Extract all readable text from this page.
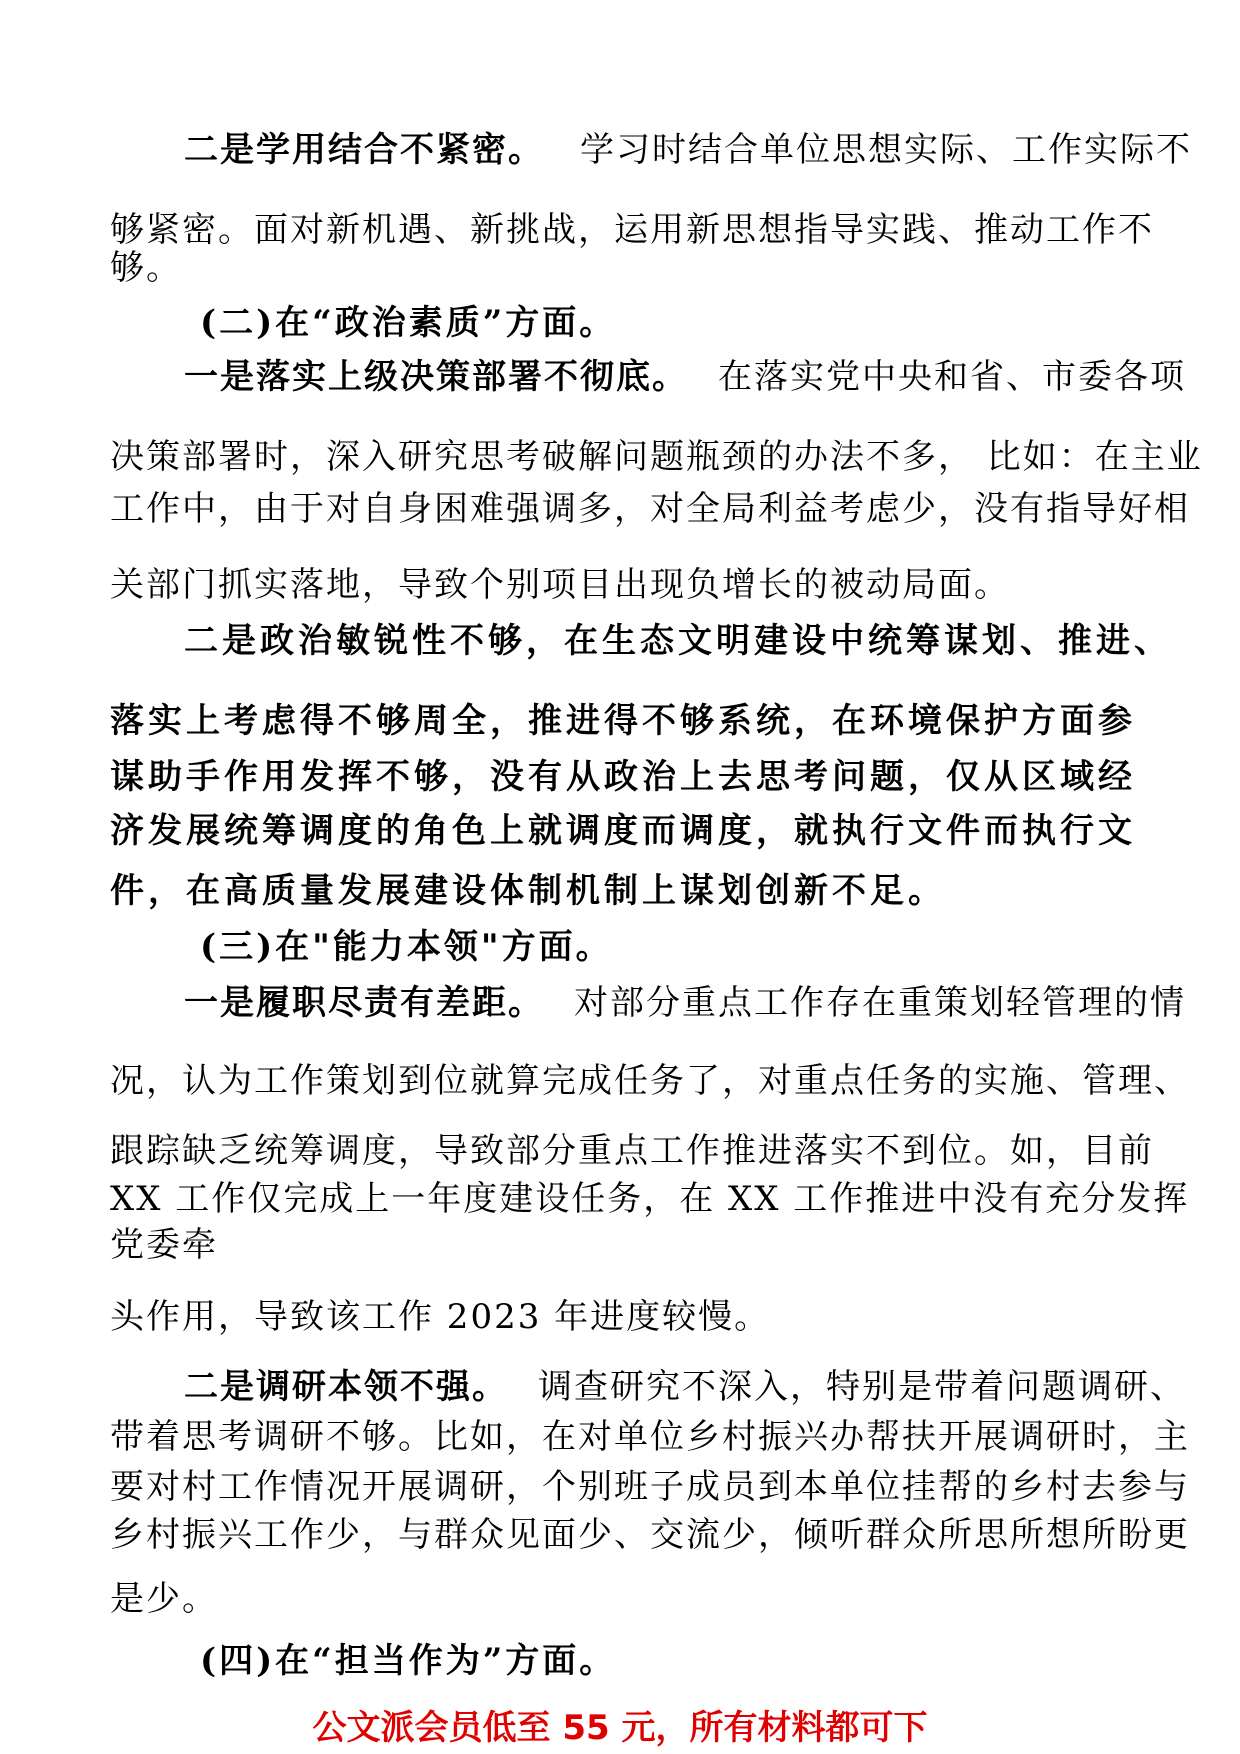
二是学用结合不紧密。 学习时结合单位思想实际、工作实际不
够紧密。面对新机遇、新挑战，运用新思想指导实践、推动工作不
够。
(二)在“政治素质”方面。
一是落实上级决策部署不彻底。 在落实党中央和省、市委各项
决策部署时，深入研究思考破解问题瓶颈的办法不多， 比如：在主业
工作中，由于对自身困难强调多，对全局利益考虑少，没有指导好相
关部门抓实落地，导致个别项目出现负增长的被动局面。
二是政治敏锐性不够，在生态文明建设中统筹谋划、推进、
落实上考虑得不够周全，推进得不够系统，在环境保护方面参
谋助手作用发挥不够，没有从政治上去思考问题，仅从区域经
济发展统筹调度的角色上就调度而调度，就执行文件而执行文
件，在高质量发展建设体制机制上谋划创新不足。
(三)在"能力本领"方面。
一是履职尽责有差距。 对部分重点工作存在重策划轻管理的情
况，认为工作策划到位就算完成任务了，对重点任务的实施、管理、
跟踪缺乏统筹调度，导致部分重点工作推进落实不到位。如，目前
XX 工作仅完成上一年度建设任务，在 XX 工作推进中没有充分发挥
党委牵
头作用，导致该工作 2023 年进度较慢。
二是调研本领不强。 调查研究不深入，特别是带着问题调研、
带着思考调研不够。比如，在对单位乡村振兴办帮扶开展调研时，主
要对村工作情况开展调研，个别班子成员到本单位挂帮的乡村去参与
乡村振兴工作少，与群众见面少、交流少，倾听群众所思所想所盼更
是少。
(四)在“担当作为”方面。
公文派会员低至 55 元，所有材料都可下
